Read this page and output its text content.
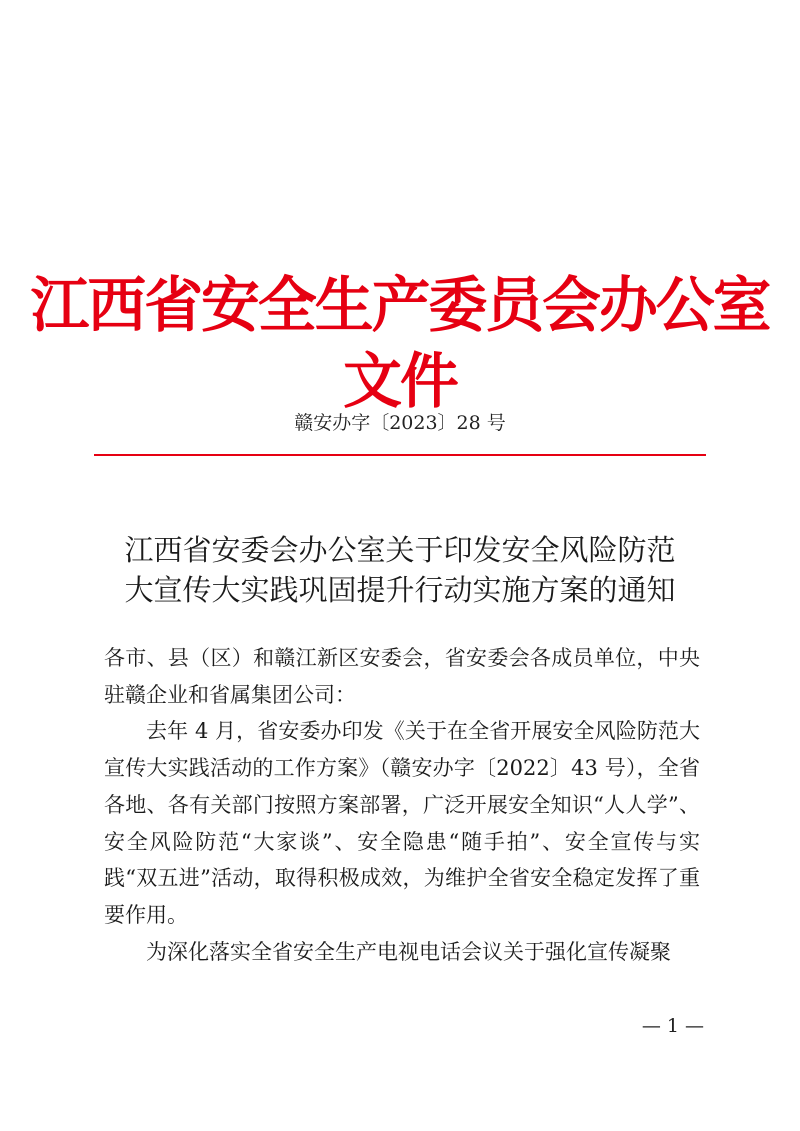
江西省安全生产委员会办公室文件
赣安办字〔2023〕28 号
江西省安委会办公室关于印发安全风险防范
大宣传大实践巩固提升行动实施方案的通知

各市、县（区）和赣江新区安委会，省安委会各成员单位，中央驻赣企业和省属集团公司：

去年 4 月，省安委办印发《关于在全省开展安全风险防范大宣传大实践活动的工作方案》（赣安办字〔2022〕43 号），全省各地、各有关部门按照方案部署，广泛开展安全知识“人人学”、安全风险防范“大家谈”、安全隐患“随手拍”、安全宣传与实践“双五进”活动，取得积极成效，为维护全省安全稳定发挥了重要作用。

为深化落实全省安全生产电视电话会议关于强化宣传凝聚

— 1 —
